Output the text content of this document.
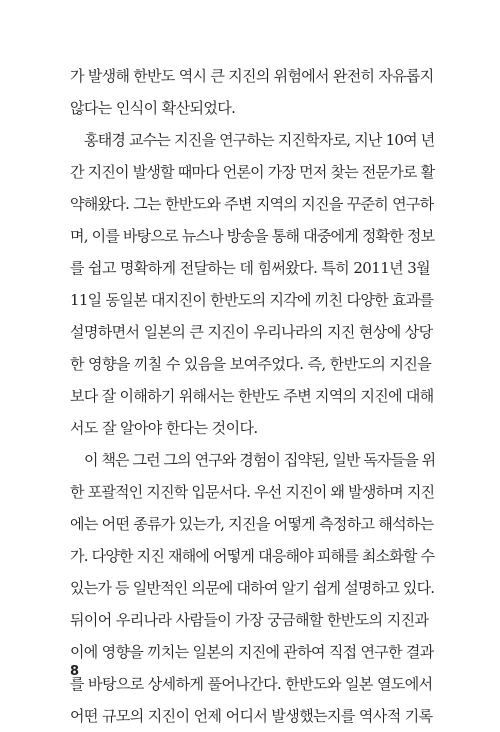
가 발생해 한반도 역시 큰 지진의 위험에서 완전히 자유롭지
않다는 인식이 확산되었다.
홍태경 교수는 지진을 연구하는 지진학자로, 지난 10여 년
간 지진이 발생할 때마다 언론이 가장 먼저 찾는 전문가로 활
약해왔다. 그는 한반도와 주변 지역의 지진을 꾸준히 연구하
며, 이를 바탕으로 뉴스나 방송을 통해 대중에게 정확한 정보
를 쉽고 명확하게 전달하는 데 힘써왔다. 특히 2011년 3월
11일 동일본 대지진이 한반도의 지각에 끼친 다양한 효과를
설명하면서 일본의 큰 지진이 우리나라의 지진 현상에 상당
한 영향을 끼칠 수 있음을 보여주었다. 즉, 한반도의 지진을
보다 잘 이해하기 위해서는 한반도 주변 지역의 지진에 대해
서도 잘 알아야 한다는 것이다.
이 책은 그런 그의 연구와 경험이 집약된, 일반 독자들을 위
한 포괄적인 지진학 입문서다. 우선 지진이 왜 발생하며 지진
에는 어떤 종류가 있는가, 지진을 어떻게 측정하고 해석하는
가. 다양한 지진 재해에 어떻게 대응해야 피해를 최소화할 수
있는가 등 일반적인 의문에 대하여 알기 쉽게 설명하고 있다.
뒤이어 우리나라 사람들이 가장 궁금해할 한반도의 지진과
이에 영향을 끼치는 일본의 지진에 관하여 직접 연구한 결과
를 바탕으로 상세하게 풀어나간다. 한반도와 일본 열도에서
어떤 규모의 지진이 언제 어디서 발생했는지를 역사적 기록
8
